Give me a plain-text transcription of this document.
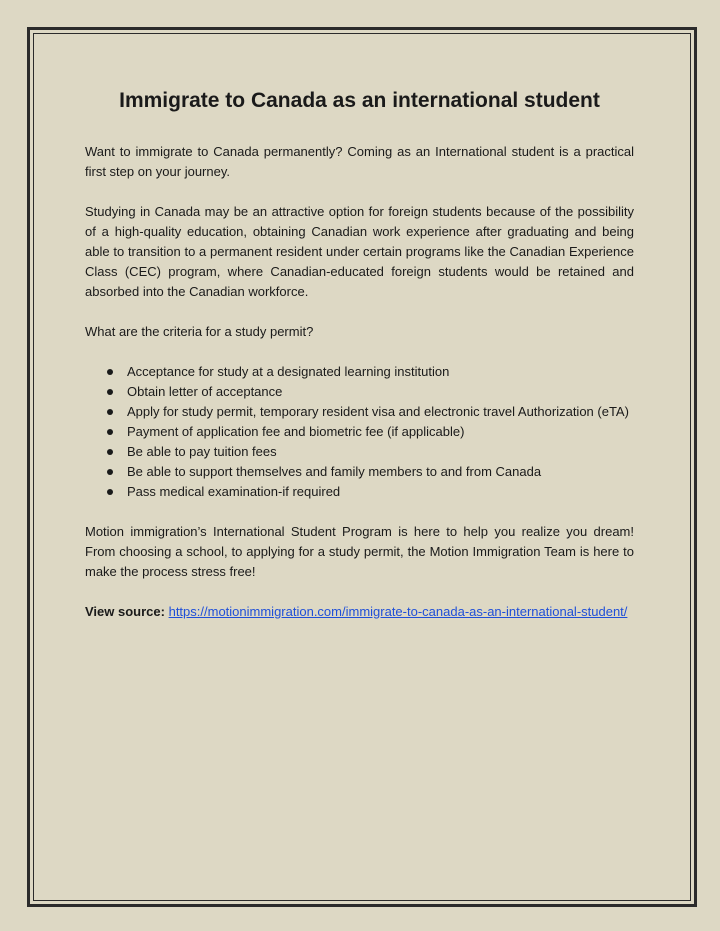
Immigrate to Canada as an international student

Want to immigrate to Canada permanently? Coming as an International student is a practical first step on your journey.

Studying in Canada may be an attractive option for foreign students because of the possibility of a high-quality education, obtaining Canadian work experience after graduating and being able to transition to a permanent resident under certain programs like the Canadian Experience Class (CEC) program, where Canadian-educated foreign students would be retained and absorbed into the Canadian workforce.

What are the criteria for a study permit?

Acceptance for study at a designated learning institution
Obtain letter of acceptance
Apply for study permit, temporary resident visa and electronic travel Authorization (eTA)
Payment of application fee and biometric fee (if applicable)
Be able to pay tuition fees
Be able to support themselves and family members to and from Canada
Pass medical examination-if required

Motion immigration’s International Student Program is here to help you realize you dream! From choosing a school, to applying for a study permit, the Motion Immigration Team is here to make the process stress free!

View source: https://motionimmigration.com/immigrate-to-canada-as-an-international-student/
